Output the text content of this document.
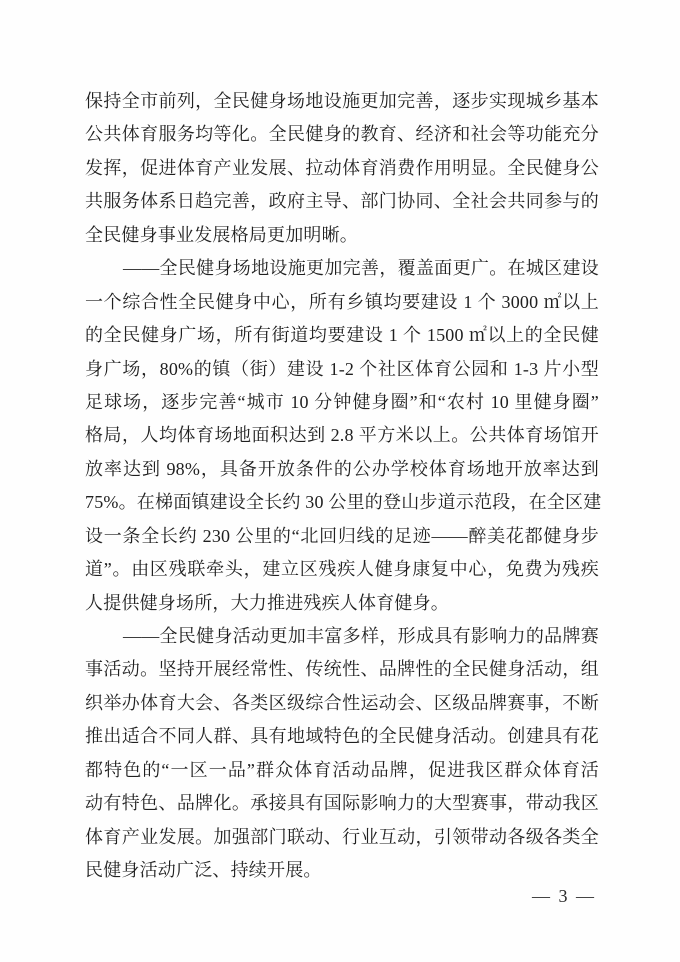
保持全市前列，全民健身场地设施更加完善，逐步实现城乡基本
公共体育服务均等化。全民健身的教育、经济和社会等功能充分
发挥，促进体育产业发展、拉动体育消费作用明显。全民健身公
共服务体系日趋完善，政府主导、部门协同、全社会共同参与的
全民健身事业发展格局更加明晰。
——全民健身场地设施更加完善，覆盖面更广。在城区建设
一个综合性全民健身中心，所有乡镇均要建设 1 个 3000 ㎡以上
的全民健身广场，所有街道均要建设 1 个 1500 ㎡以上的全民健
身广场，80%的镇（街）建设 1-2 个社区体育公园和 1-3 片小型
足球场，逐步完善“城市 10 分钟健身圈”和“农村 10 里健身圈”
格局，人均体育场地面积达到 2.8 平方米以上。公共体育场馆开
放率达到 98%，具备开放条件的公办学校体育场地开放率达到
75%。在梯面镇建设全长约 30 公里的登山步道示范段，在全区建
设一条全长约 230 公里的“北回归线的足迹——醉美花都健身步
道”。由区残联牵头，建立区残疾人健身康复中心，免费为残疾
人提供健身场所，大力推进残疾人体育健身。
——全民健身活动更加丰富多样，形成具有影响力的品牌赛
事活动。坚持开展经常性、传统性、品牌性的全民健身活动，组
织举办体育大会、各类区级综合性运动会、区级品牌赛事，不断
推出适合不同人群、具有地域特色的全民健身活动。创建具有花
都特色的“一区一品”群众体育活动品牌，促进我区群众体育活
动有特色、品牌化。承接具有国际影响力的大型赛事，带动我区
体育产业发展。加强部门联动、行业互动，引领带动各级各类全
民健身活动广泛、持续开展。
— 3 —
